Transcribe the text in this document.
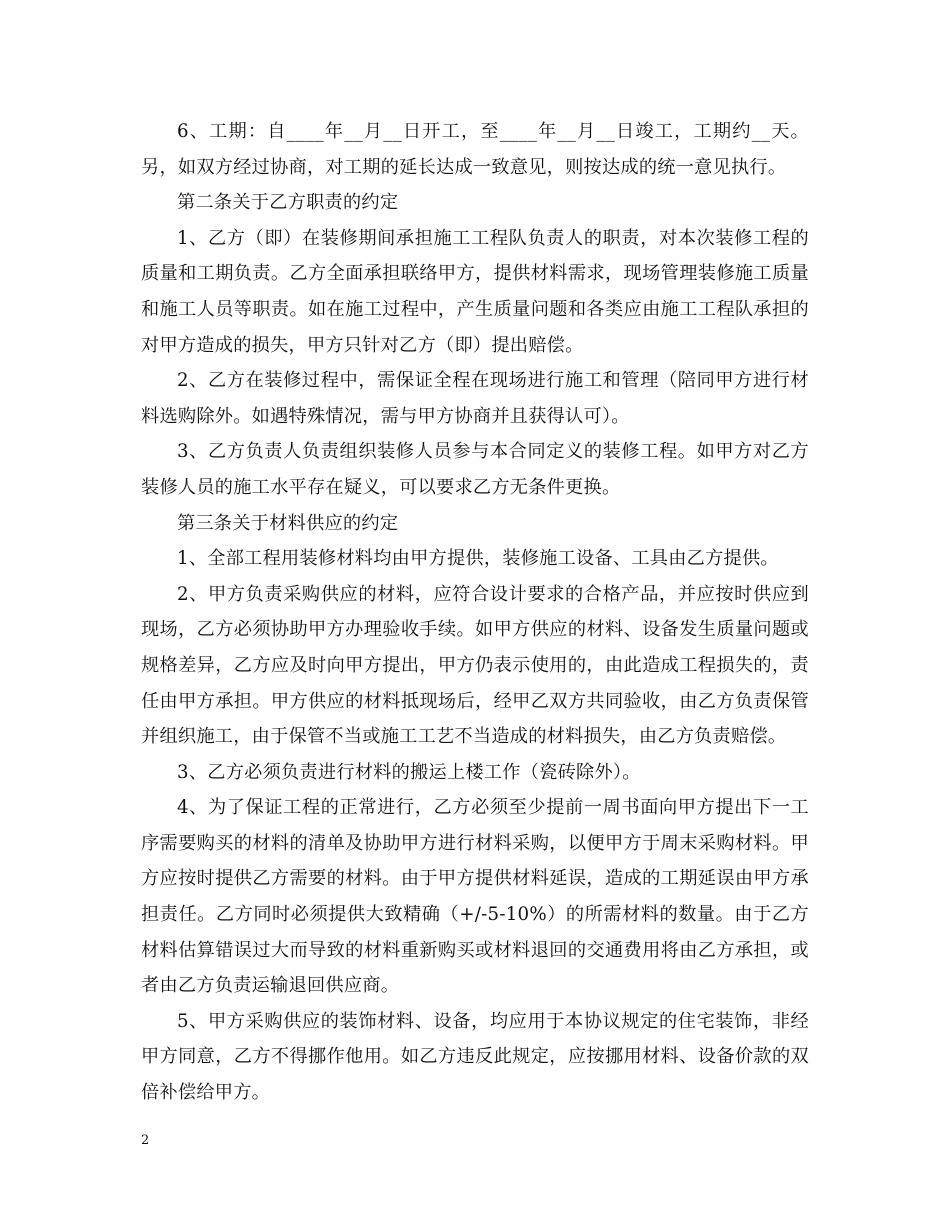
6、工期：自____年__月__日开工，至____年__月__日竣工，工期约__天。另，如双方经过协商，对工期的延长达成一致意见，则按达成的统一意见执行。

第二条关于乙方职责的约定

1、乙方（即）在装修期间承担施工工程队负责人的职责，对本次装修工程的质量和工期负责。乙方全面承担联络甲方，提供材料需求，现场管理装修施工质量和施工人员等职责。如在施工过程中，产生质量问题和各类应由施工工程队承担的对甲方造成的损失，甲方只针对乙方（即）提出赔偿。

2、乙方在装修过程中，需保证全程在现场进行施工和管理（陪同甲方进行材料选购除外。如遇特殊情况，需与甲方协商并且获得认可）。

3、乙方负责人负责组织装修人员参与本合同定义的装修工程。如甲方对乙方装修人员的施工水平存在疑义，可以要求乙方无条件更换。

第三条关于材料供应的约定

1、全部工程用装修材料均由甲方提供，装修施工设备、工具由乙方提供。

2、甲方负责采购供应的材料，应符合设计要求的合格产品，并应按时供应到现场，乙方必须协助甲方办理验收手续。如甲方供应的材料、设备发生质量问题或规格差异，乙方应及时向甲方提出，甲方仍表示使用的，由此造成工程损失的，责任由甲方承担。甲方供应的材料抵现场后，经甲乙双方共同验收，由乙方负责保管并组织施工，由于保管不当或施工工艺不当造成的材料损失，由乙方负责赔偿。

3、乙方必须负责进行材料的搬运上楼工作（瓷砖除外）。

4、为了保证工程的正常进行，乙方必须至少提前一周书面向甲方提出下一工序需要购买的材料的清单及协助甲方进行材料采购，以便甲方于周末采购材料。甲方应按时提供乙方需要的材料。由于甲方提供材料延误，造成的工期延误由甲方承担责任。乙方同时必须提供大致精确（+/-5-10%）的所需材料的数量。由于乙方材料估算错误过大而导致的材料重新购买或材料退回的交通费用将由乙方承担，或者由乙方负责运输退回供应商。

5、甲方采购供应的装饰材料、设备，均应用于本协议规定的住宅装饰，非经甲方同意，乙方不得挪作他用。如乙方违反此规定，应按挪用材料、设备价款的双倍补偿给甲方。

2
